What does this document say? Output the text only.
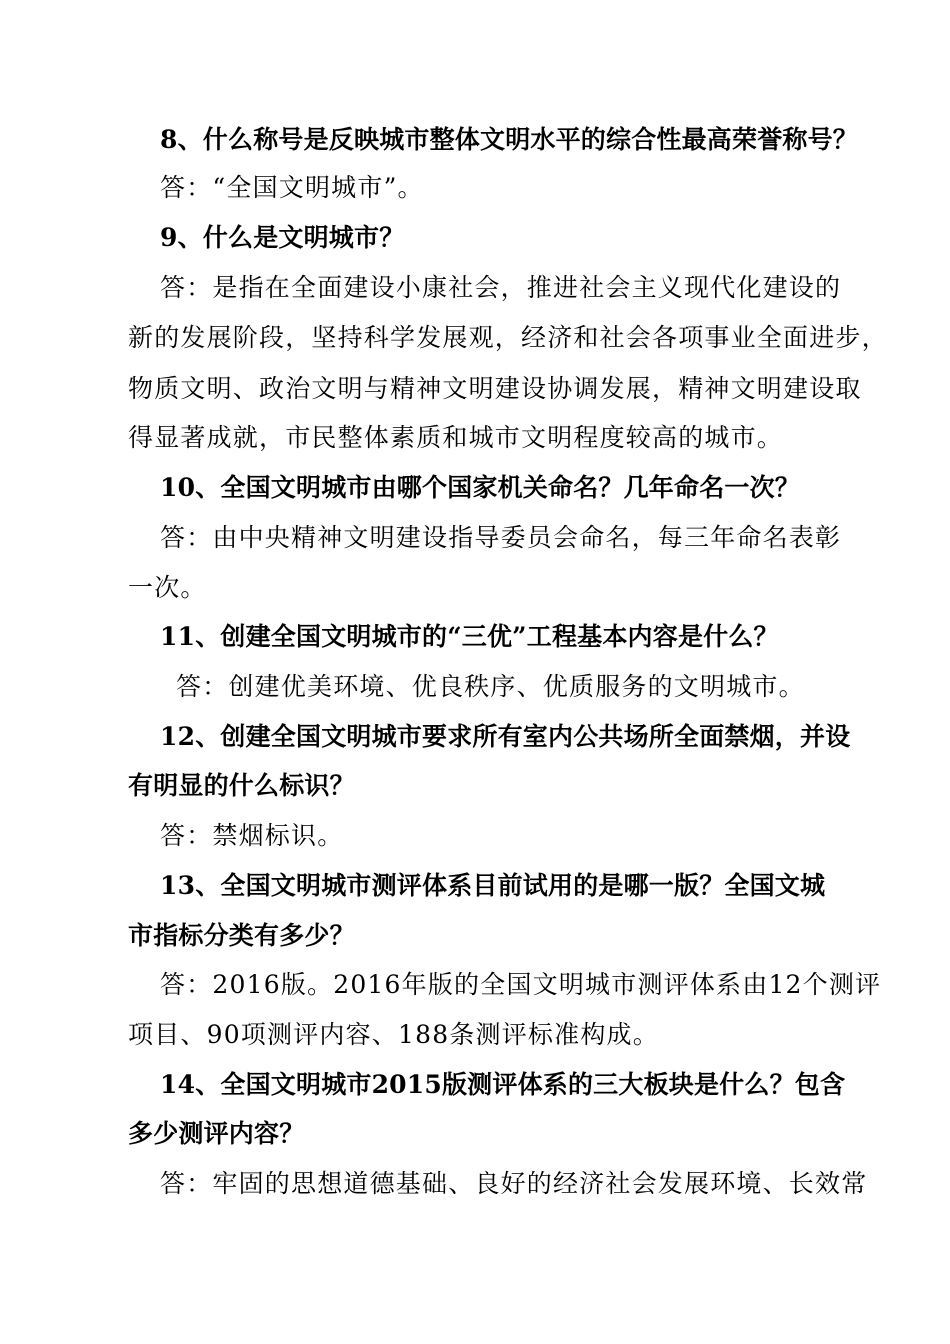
8、什么称号是反映城市整体文明水平的综合性最高荣誉称号？
答：“全国文明城市”。
9、什么是文明城市？
答：是指在全面建设小康社会，推进社会主义现代化建设的
新的发展阶段，坚持科学发展观，经济和社会各项事业全面进步，
物质文明、政治文明与精神文明建设协调发展，精神文明建设取
得显著成就，市民整体素质和城市文明程度较高的城市。
10、全国文明城市由哪个国家机关命名？几年命名一次？
答：由中央精神文明建设指导委员会命名，每三年命名表彰
一次。
11、创建全国文明城市的“三优”工程基本内容是什么？
答：创建优美环境、优良秩序、优质服务的文明城市。
12、创建全国文明城市要求所有室内公共场所全面禁烟，并设
有明显的什么标识？
答：禁烟标识。
13、全国文明城市测评体系目前试用的是哪一版？全国文城
市指标分类有多少？
答：2016版。2016年版的全国文明城市测评体系由12个测评
项目、90项测评内容、188条测评标准构成。
14、全国文明城市2015版测评体系的三大板块是什么？包含
多少测评内容？
答：牢固的思想道德基础、良好的经济社会发展环境、长效常
